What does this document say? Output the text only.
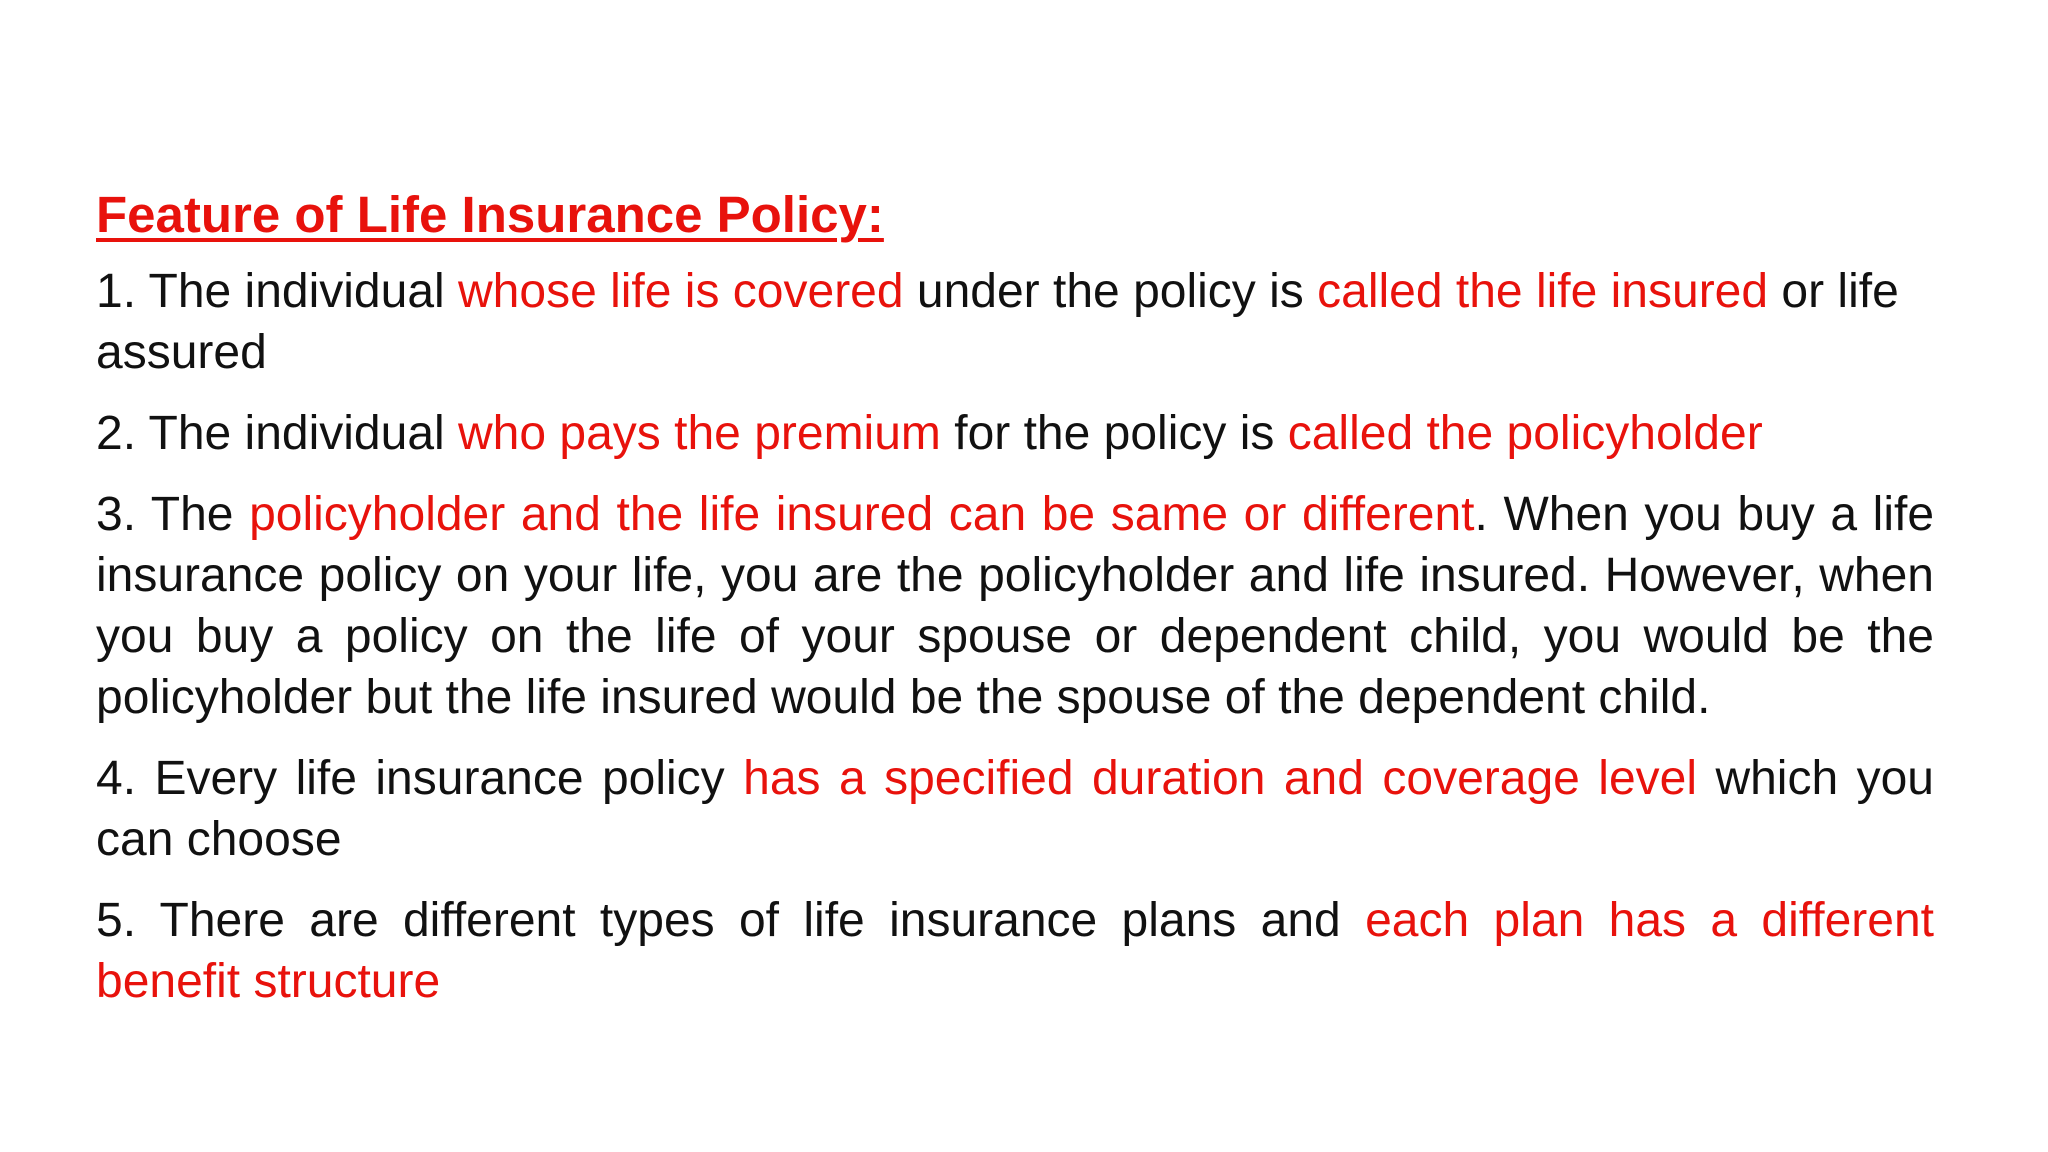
Feature of Life Insurance Policy:

1. The individual whose life is covered under the policy is called the life insured or life assured

2. The individual who pays the premium for the policy is called the policyholder

3. The policyholder and the life insured can be same or different. When you buy a life insurance policy on your life, you are the policyholder and life insured. However, when you buy a policy on the life of your spouse or dependent child, you would be the policyholder but the life insured would be the spouse of the dependent child.

4. Every life insurance policy has a specified duration and coverage level which you can choose

5. There are different types of life insurance plans and each plan has a different benefit structure
